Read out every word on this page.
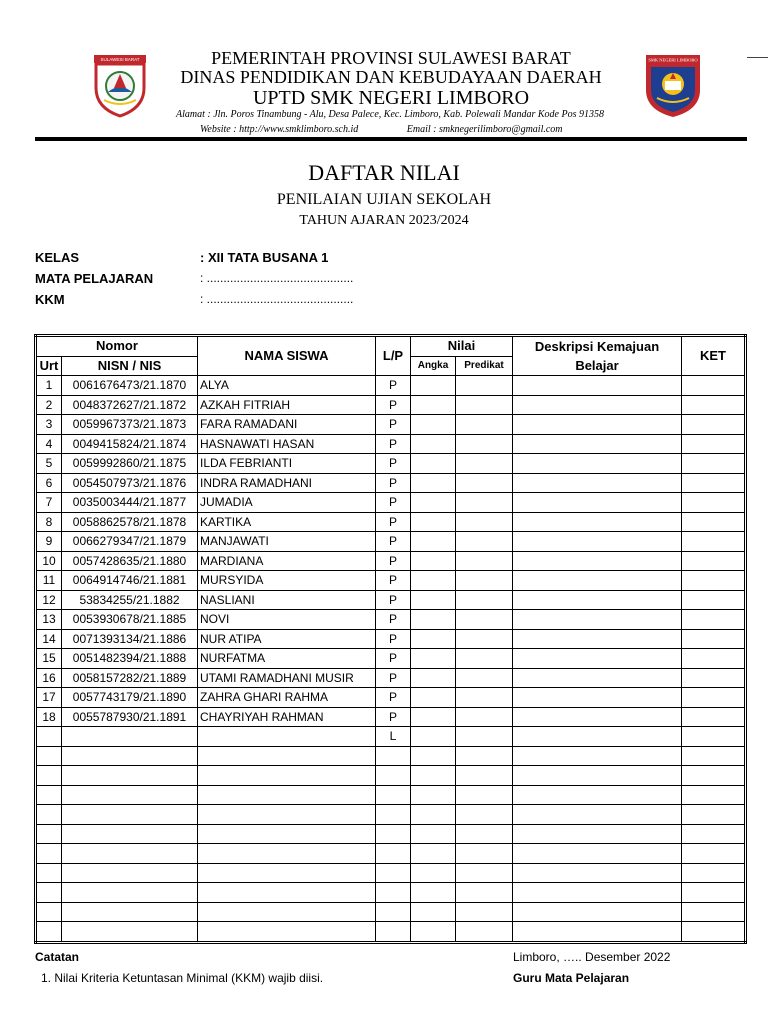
SULAWESI BARAT	SMK NEGERI LIMBORO
PEMERINTAH PROVINSI SULAWESI BARAT
DINAS PENDIDIKAN DAN KEBUDAYAAN DAERAH
UPTD SMK NEGERI LIMBORO
Alamat : Jln. Poros Tinambung - Alu, Desa Palece, Kec. Limboro, Kab. Polewali Mandar Kode Pos 91358
Website : http://www.smklimboro.sch.id	Email : smknegerilimboro@gmail.com
DAFTAR NILAI
PENILAIAN UJIAN SEKOLAH
TAHUN AJARAN 2023/2024
KELAS	: XII TATA BUSANA 1
MATA PELAJARAN	: ............................................
KKM	: ............................................
Nomor		NAMA SISWA	L/P	Nilai		Deskripsi Kemajuan Belajar	KET
Urt	NISN / NIS			Angka	Predikat		
1	0061676473/21.1870	ALYA	P				
2	0048372627/21.1872	AZKAH FITRIAH	P				
3	0059967373/21.1873	FARA RAMADANI	P				
4	0049415824/21.1874	HASNAWATI HASAN	P				
5	0059992860/21.1875	ILDA FEBRIANTI	P				
6	0054507973/21.1876	INDRA RAMADHANI	P				
7	0035003444/21.1877	JUMADIA	P				
8	0058862578/21.1878	KARTIKA	P				
9	0066279347/21.1879	MANJAWATI	P				
10	0057428635/21.1880	MARDIANA	P				
11	0064914746/21.1881	MURSYIDA	P				
12	53834255/21.1882	NASLIANI	P				
13	0053930678/21.1885	NOVI	P				
14	0071393134/21.1886	NUR ATIPA	P				
15	0051482394/21.1888	NURFATMA	P				
16	0058157282/21.1889	UTAMI RAMADHANI MUSIR	P				
17	0057743179/21.1890	ZAHRA GHARI RAHMA	P				
18	0055787930/21.1891	CHAYRIYAH RAHMAN	P				
			L				

Catatan
1. Nilai Kriteria Ketuntasan Minimal (KKM) wajib diisi.
Limboro, ….. Desember 2022
Guru Mata Pelajaran
